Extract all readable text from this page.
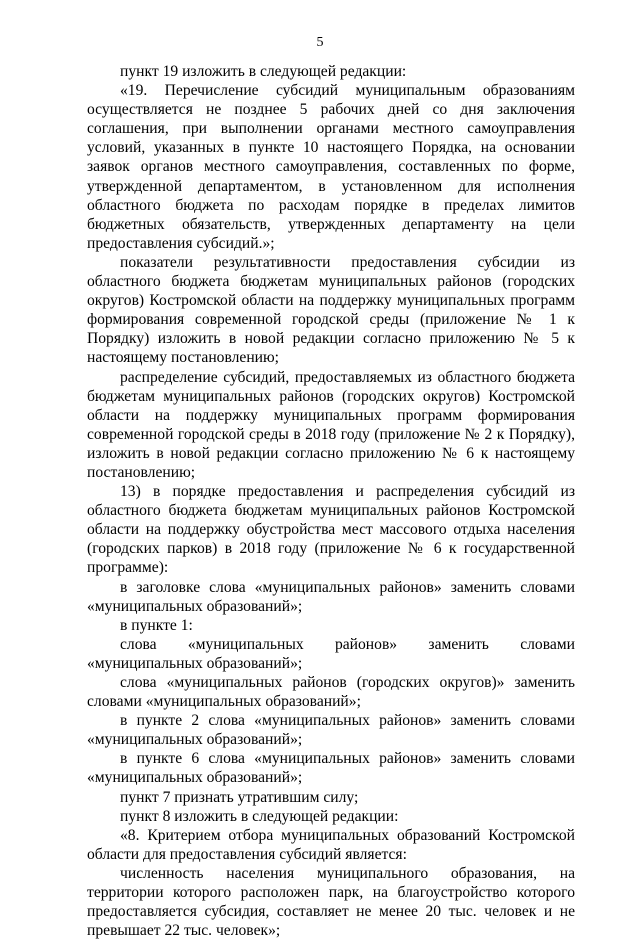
5

пункт 19 изложить в следующей редакции:

«19. Перечисление субсидий муниципальным образованиям осуществляется не позднее 5 рабочих дней со дня заключения соглашения, при выполнении органами местного самоуправления условий, указанных в пункте 10 настоящего Порядка, на основании заявок органов местного самоуправления, составленных по форме, утвержденной департаментом, в установленном для исполнения областного бюджета по расходам порядке в пределах лимитов бюджетных обязательств, утвержденных департаменту на цели предоставления субсидий.»;

показатели результативности предоставления субсидии из областного бюджета бюджетам муниципальных районов (городских округов) Костромской области на поддержку муниципальных программ формирования современной городской среды (приложение № 1 к Порядку) изложить в новой редакции согласно приложению № 5 к настоящему постановлению;

распределение субсидий, предоставляемых из областного бюджета бюджетам муниципальных районов (городских округов) Костромской области на поддержку муниципальных программ формирования современной городской среды в 2018 году (приложение № 2 к Порядку), изложить в новой редакции согласно приложению № 6 к настоящему постановлению;

13) в порядке предоставления и распределения субсидий из областного бюджета бюджетам муниципальных районов Костромской области на поддержку обустройства мест массового отдыха населения (городских парков) в 2018 году (приложение № 6 к государственной программе):

в заголовке слова «муниципальных районов» заменить словами «муниципальных образований»;

в пункте 1:

слова «муниципальных районов» заменить словами «муниципальных образований»;

слова «муниципальных районов (городских округов)» заменить словами «муниципальных образований»;

в пункте 2 слова «муниципальных районов» заменить словами «муниципальных образований»;

в пункте 6 слова «муниципальных районов» заменить словами «муниципальных образований»;

пункт 7 признать утратившим силу;

пункт 8 изложить в следующей редакции:

«8. Критерием отбора муниципальных образований Костромской области для предоставления субсидий является:

численность населения муниципального образования, на территории которого расположен парк, на благоустройство которого предоставляется субсидия, составляет не менее 20 тыс. человек и не превышает 22 тыс. человек»;
